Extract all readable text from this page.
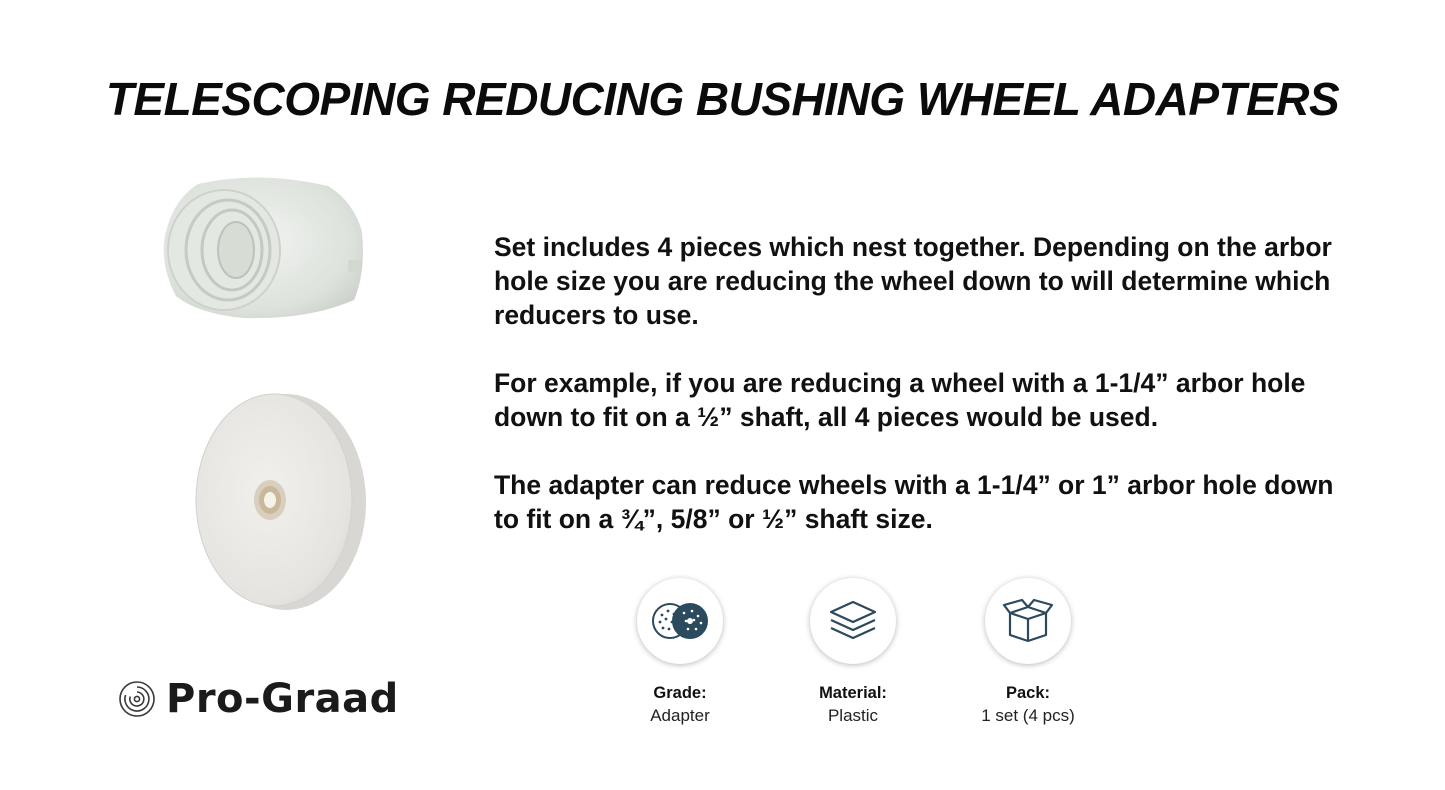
TELESCOPING REDUCING BUSHING WHEEL ADAPTERS

Set includes 4 pieces which nest together. Depending on the arbor hole size you are reducing the wheel down to will determine which reducers to use.

For example, if you are reducing a wheel with a 1-1/4” arbor hole down to fit on a ½” shaft, all 4 pieces would be used.

The adapter can reduce wheels with a 1-1/4” or 1” arbor hole down to fit on a ¾”, 5/8” or ½” shaft size.

Grade:
Adapter
Material:
Plastic
Pack:
1 set (4 pcs)
Pro-Graad
